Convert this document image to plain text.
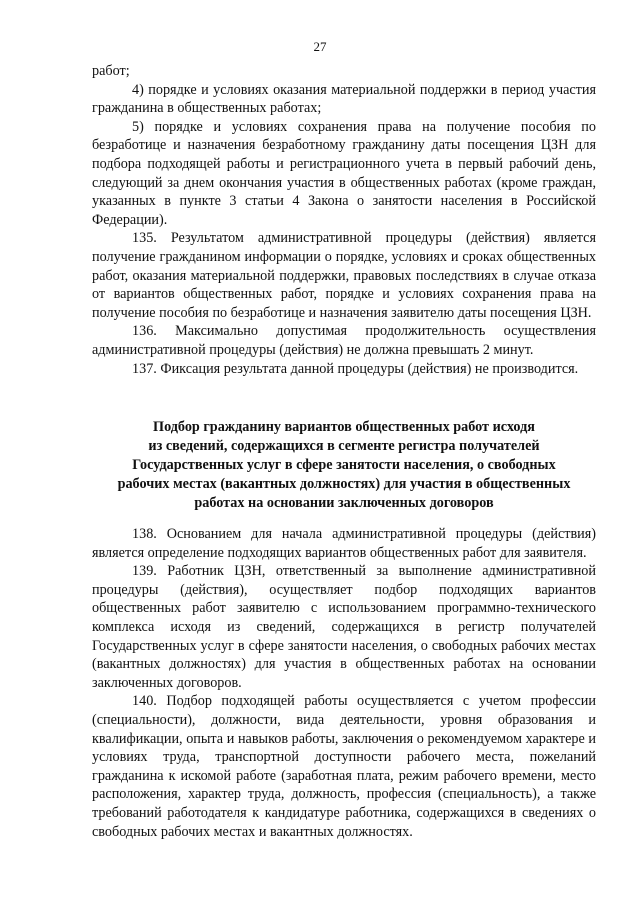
27

работ;

4) порядке и условиях оказания материальной поддержки в период участия гражданина в общественных работах;

5) порядке и условиях сохранения права на получение пособия по безработице и назначения безработному гражданину даты посещения ЦЗН для подбора подходящей работы и регистрационного учета в первый рабочий день, следующий за днем окончания участия в общественных работах (кроме граждан, указанных в пункте 3 статьи 4 Закона о занятости населения в Российской Федерации).

135. Результатом административной процедуры (действия) является получение гражданином информации о порядке, условиях и сроках общественных работ, оказания материальной поддержки, правовых последствиях в случае отказа от вариантов общественных работ, порядке и условиях сохранения права на получение пособия по безработице и назначения заявителю даты посещения ЦЗН.

136. Максимально допустимая продолжительность осуществления административной процедуры (действия) не должна превышать 2 минут.

137. Фиксация результата данной процедуры (действия) не производится.

Подбор гражданину вариантов общественных работ исходя
из сведений, содержащихся в сегменте регистра получателей
Государственных услуг в сфере занятости населения, о свободных
рабочих местах (вакантных должностях) для участия в общественных
работах на основании заключенных договоров

138. Основанием для начала административной процедуры (действия) является определение подходящих вариантов общественных работ для заявителя.

139. Работник ЦЗН, ответственный за выполнение административной процедуры (действия), осуществляет подбор подходящих вариантов общественных работ заявителю с использованием программно-технического комплекса исходя из сведений, содержащихся в регистр получателей Государственных услуг в сфере занятости населения, о свободных рабочих местах (вакантных должностях) для участия в общественных работах на основании заключенных договоров.

140. Подбор подходящей работы осуществляется с учетом профессии (специальности), должности, вида деятельности, уровня образования и квалификации, опыта и навыков работы, заключения о рекомендуемом характере и условиях труда, транспортной доступности рабочего места, пожеланий гражданина к искомой работе (заработная плата, режим рабочего времени, место расположения, характер труда, должность, профессия (специальность), а также требований работодателя к кандидатуре работника, содержащихся в сведениях о свободных рабочих местах и вакантных должностях.
